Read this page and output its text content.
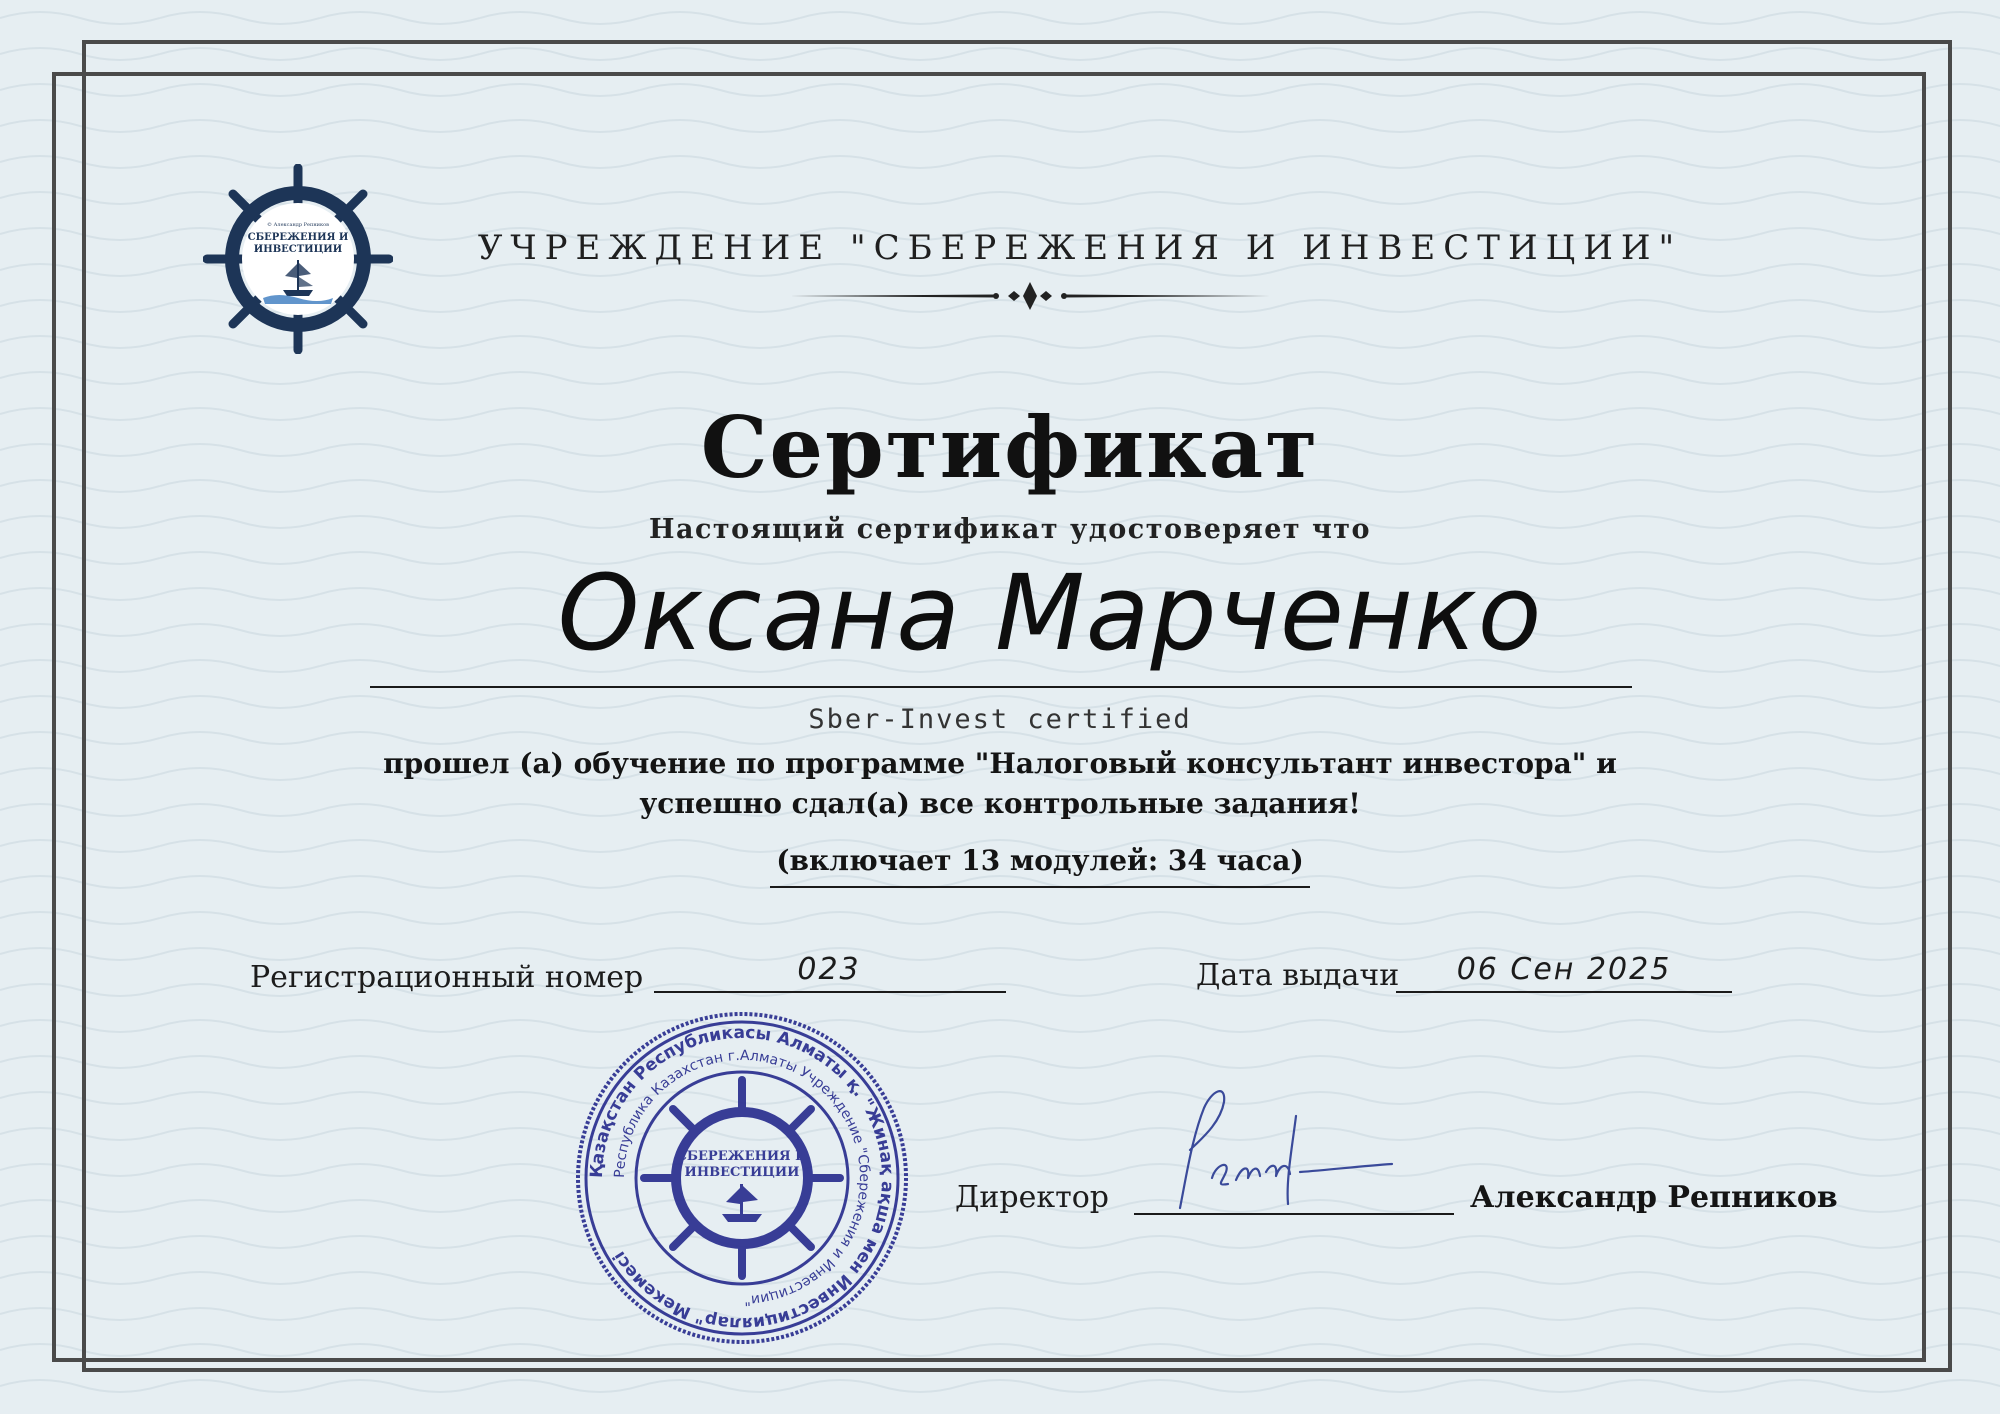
© Александр Репников
СБЕРЕЖЕНИЯ И
ИНВЕСТИЦИИ	УЧРЕЖДЕНИЕ "СБЕРЕЖЕНИЯ И ИНВЕСТИЦИИ"
Сертификат
Настоящий сертификат удостоверяет что
Оксана Марченко
Sber-Invest certified
прошел (а) обучение по программе "Налоговый консультант инвестора" и
успешно сдал(а) все контрольные задания!
(включает 13 модулей: 34 часа)
Регистрационный номер	023	Дата выдачи	06 Сен 2025
Қазақстан Республикасы Алматы қ. "Жинақ ақша мен Инвестициялар" Мекемесі
Республика Казахстан г.Алматы Учреждение "Сбережения и Инвестиции"
СБЕРЕЖЕНИЯ И
ИНВЕСТИЦИИ
Директор	Александр Репников
